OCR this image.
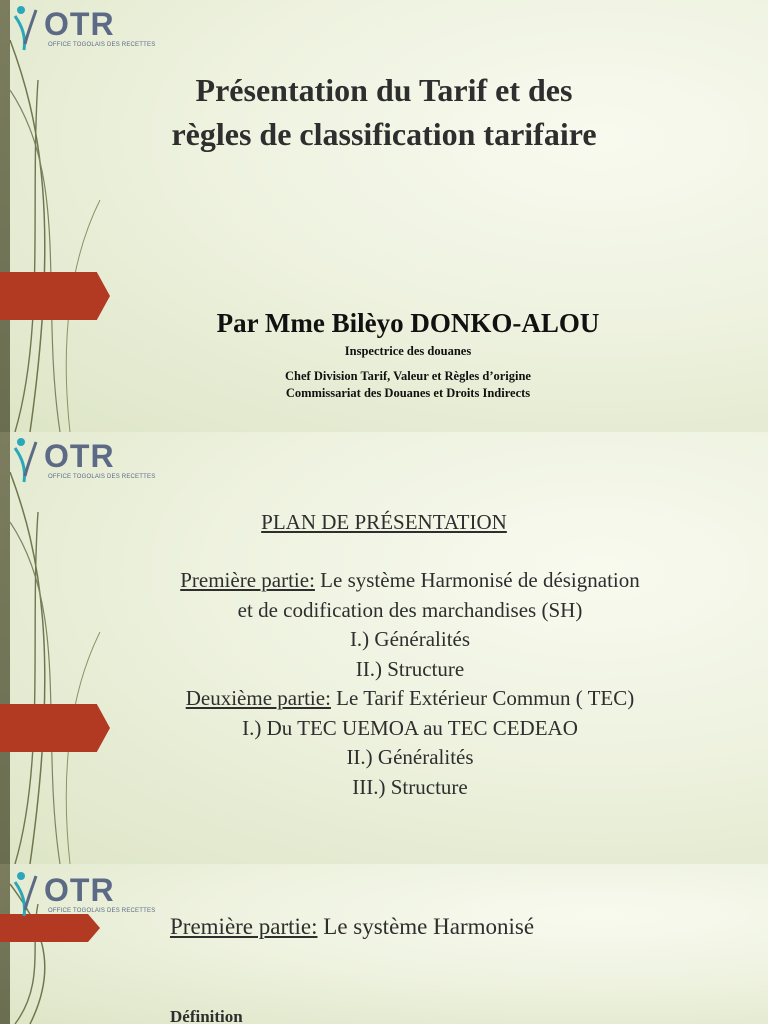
OTR
OFFICE TOGOLAIS DES RECETTES
Présentation du Tarif et des
règles de classification tarifaire
Par Mme Bilèyo DONKO-ALOU
Inspectrice des douanes
Chef Division Tarif, Valeur et Règles d’origine
Commissariat des Douanes et Droits Indirects
OTR
OFFICE TOGOLAIS DES RECETTES
PLAN DE PRÉSENTATION
Première partie: Le système Harmonisé de désignation
et de codification des marchandises (SH)
I.) Généralités
II.) Structure
Deuxième partie: Le Tarif Extérieur Commun ( TEC)
I.) Du TEC UEMOA au TEC CEDEAO
II.) Généralités
III.) Structure
OTR
OFFICE TOGOLAIS DES RECETTES
Première partie: Le système Harmonisé
Définition
